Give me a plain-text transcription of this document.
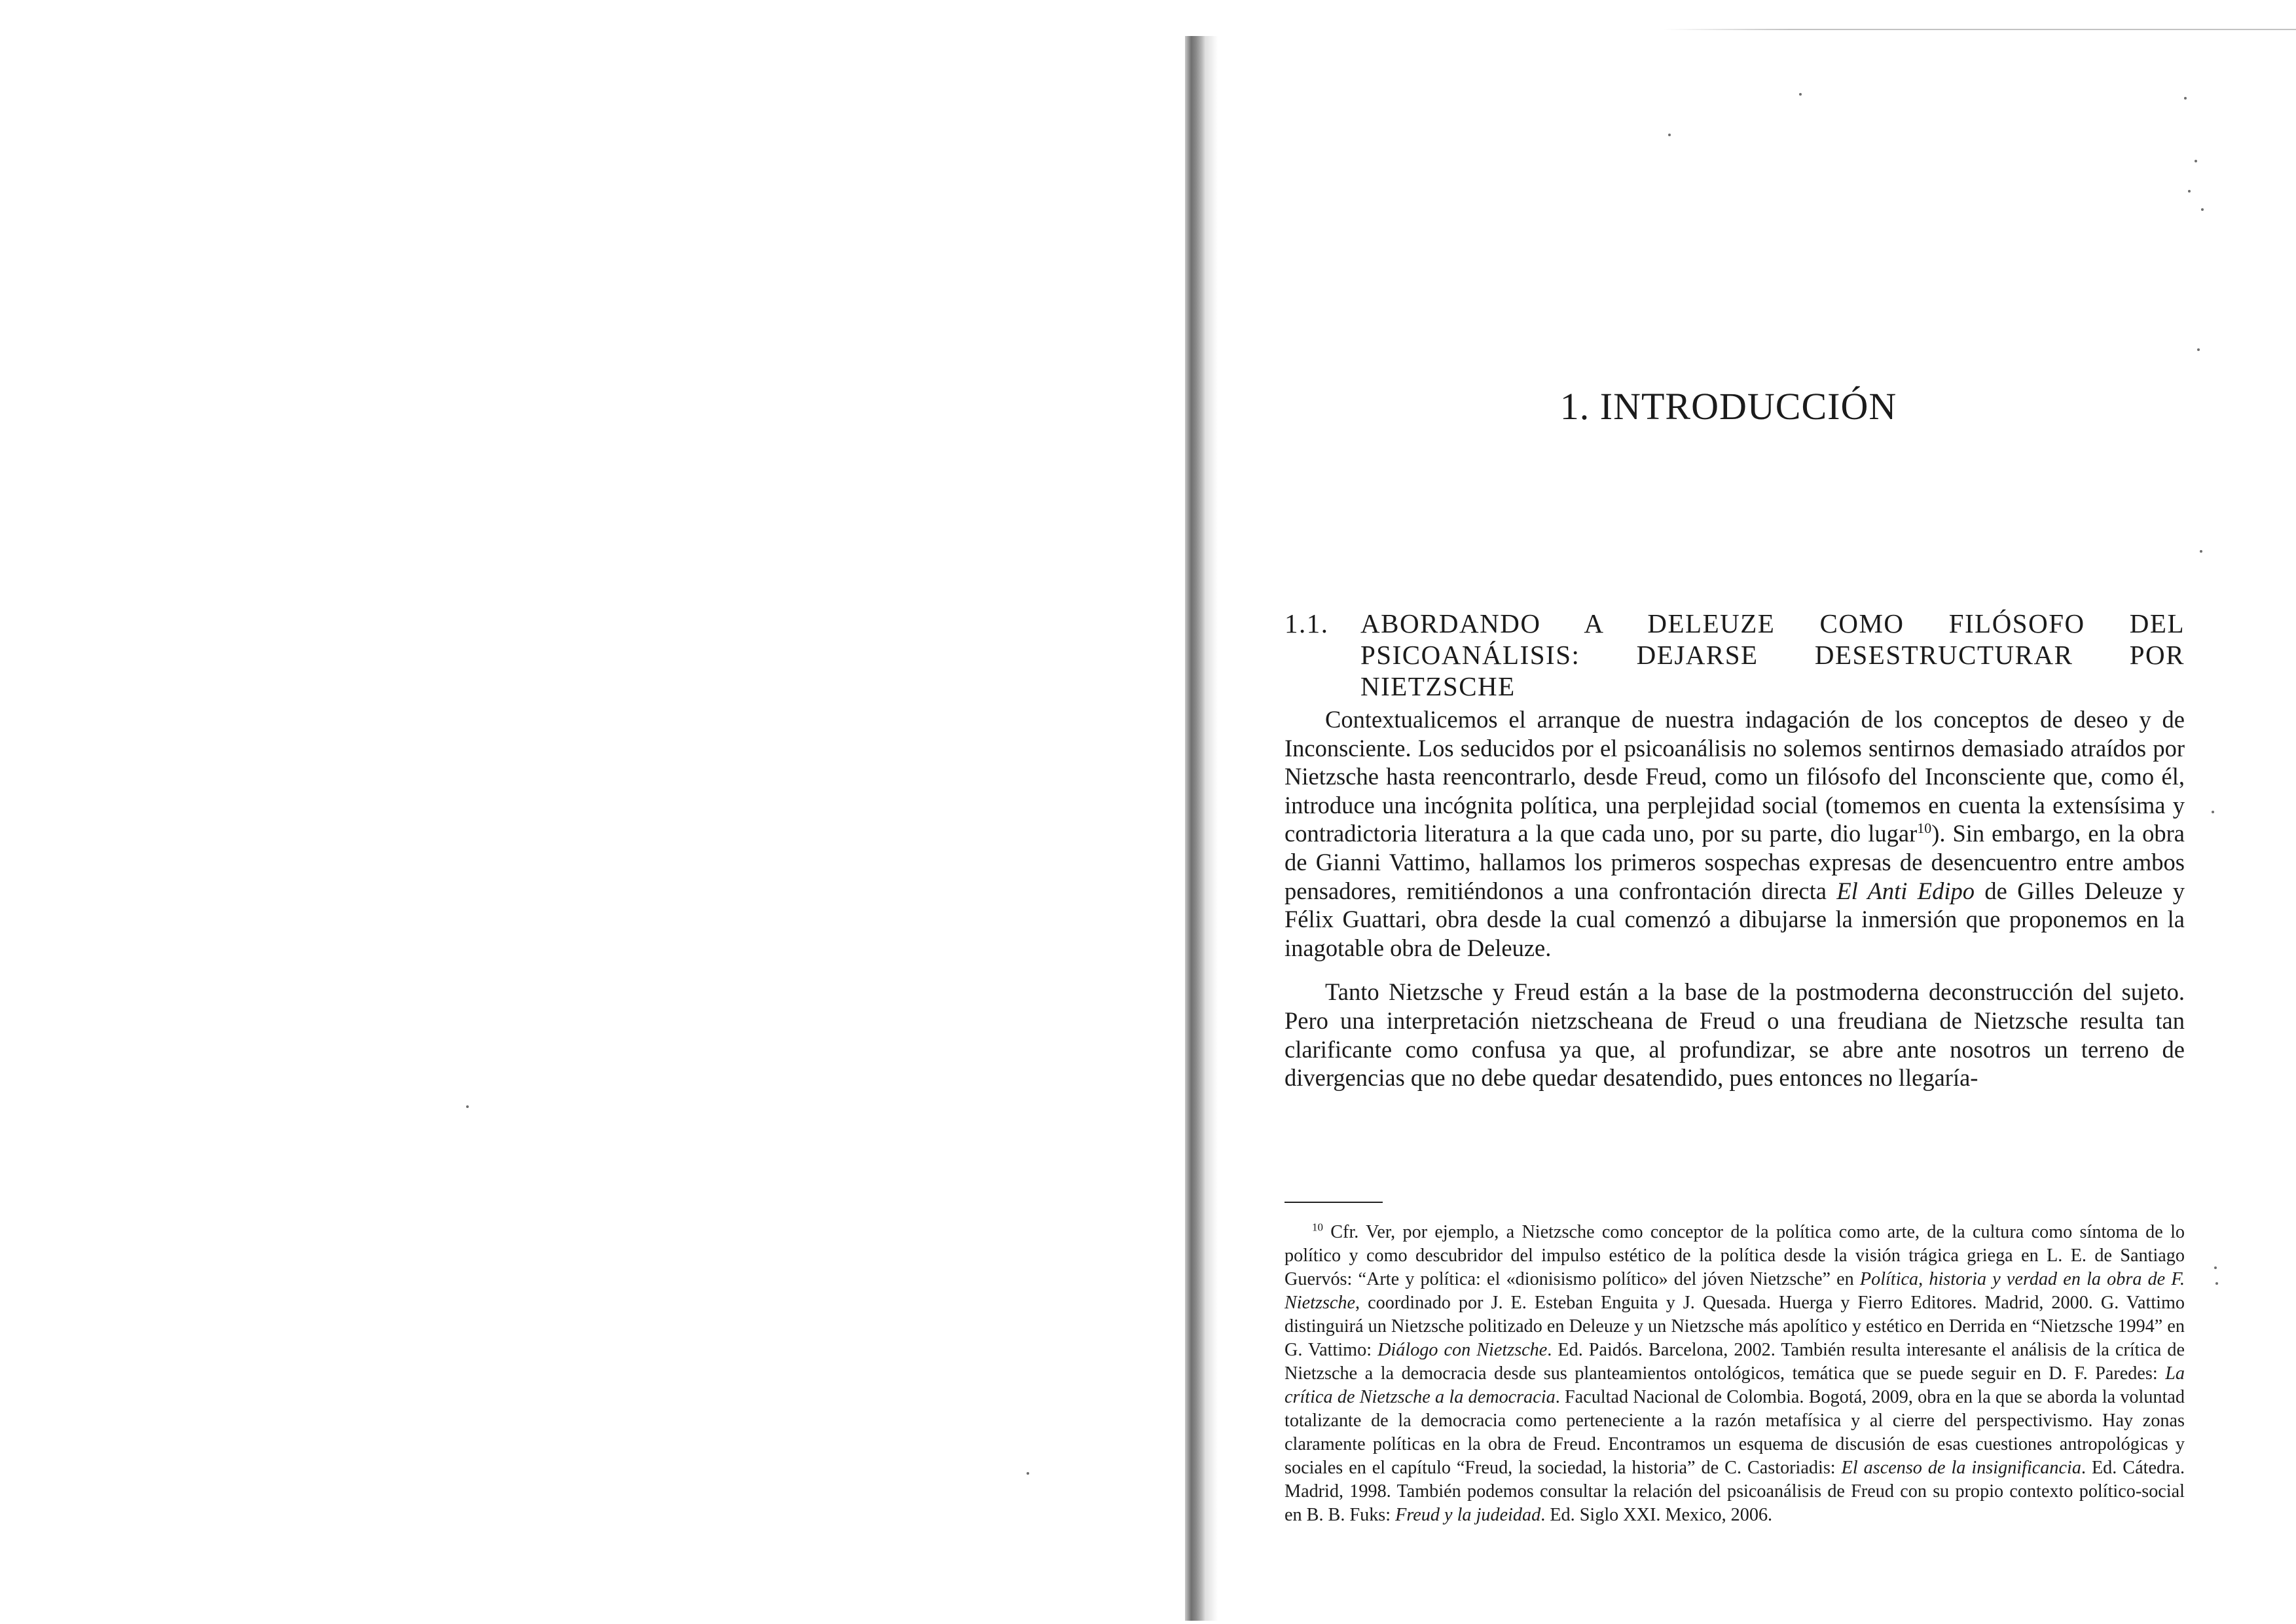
1. INTRODUCCIÓN
1.1. ABORDANDO A DELEUZE COMO FILÓSOFO DEL PSICOANÁLISIS: DEJARSE DESESTRUCTURAR POR NIETZSCHE

Contextualicemos el arranque de nuestra indagación de los conceptos de deseo y de Inconsciente. Los seducidos por el psicoanálisis no solemos sentirnos demasiado atraídos por Nietzsche hasta reencontrarlo, desde Freud, como un filósofo del Inconsciente que, como él, introduce una incógnita política, una perplejidad social (tomemos en cuenta la extensísima y contradictoria literatura a la que cada uno, por su parte, dio lugar$^{10}$). Sin embargo, en la obra de Gianni Vattimo, hallamos los primeros sospechas expresas de desencuentro entre ambos pensadores, remitiéndonos a una confrontación directa El Anti Edipo de Gilles Deleuze y Félix Guattari, obra desde la cual comenzó a dibujarse la inmersión que proponemos en la inagotable obra de Deleuze.

Tanto Nietzsche y Freud están a la base de la postmoderna deconstrucción del sujeto. Pero una interpretación nietzscheana de Freud o una freudiana de Nietzsche resulta tan clarificante como confusa ya que, al profundizar, se abre ante nosotros un terreno de divergencias que no debe quedar desatendido, pues entonces no llegaría-

$^{10}$ Cfr. Ver, por ejemplo, a Nietzsche como conceptor de la política como arte, de la cultura como síntoma de lo político y como descubridor del impulso estético de la política desde la visión trágica griega en L. E. de Santiago Guervós: “Arte y política: el «dionisismo político» del jóven Nietzsche” en Política, historia y verdad en la obra de F. Nietzsche, coordinado por J. E. Esteban Enguita y J. Quesada. Huerga y Fierro Editores. Madrid, 2000. G. Vattimo distinguirá un Nietzsche politizado en Deleuze y un Nietzsche más apolítico y estético en Derrida en “Nietzsche 1994” en G. Vattimo: Diálogo con Nietzsche. Ed. Paidós. Barcelona, 2002. También resulta interesante el análisis de la crítica de Nietzsche a la democracia desde sus planteamientos ontológicos, temática que se puede seguir en D. F. Paredes: La crítica de Nietzsche a la democracia. Facultad Nacional de Colombia. Bogotá, 2009, obra en la que se aborda la voluntad totalizante de la democracia como perteneciente a la razón metafísica y al cierre del perspectivismo. Hay zonas claramente políticas en la obra de Freud. Encontramos un esquema de discusión de esas cuestiones antropológicas y sociales en el capítulo “Freud, la sociedad, la historia” de C. Castoriadis: El ascenso de la insignificancia. Ed. Cátedra. Madrid, 1998. También podemos consultar la relación del psicoanálisis de Freud con su propio contexto político-social en B. B. Fuks: Freud y la judeidad. Ed. Siglo XXI. Mexico, 2006.
